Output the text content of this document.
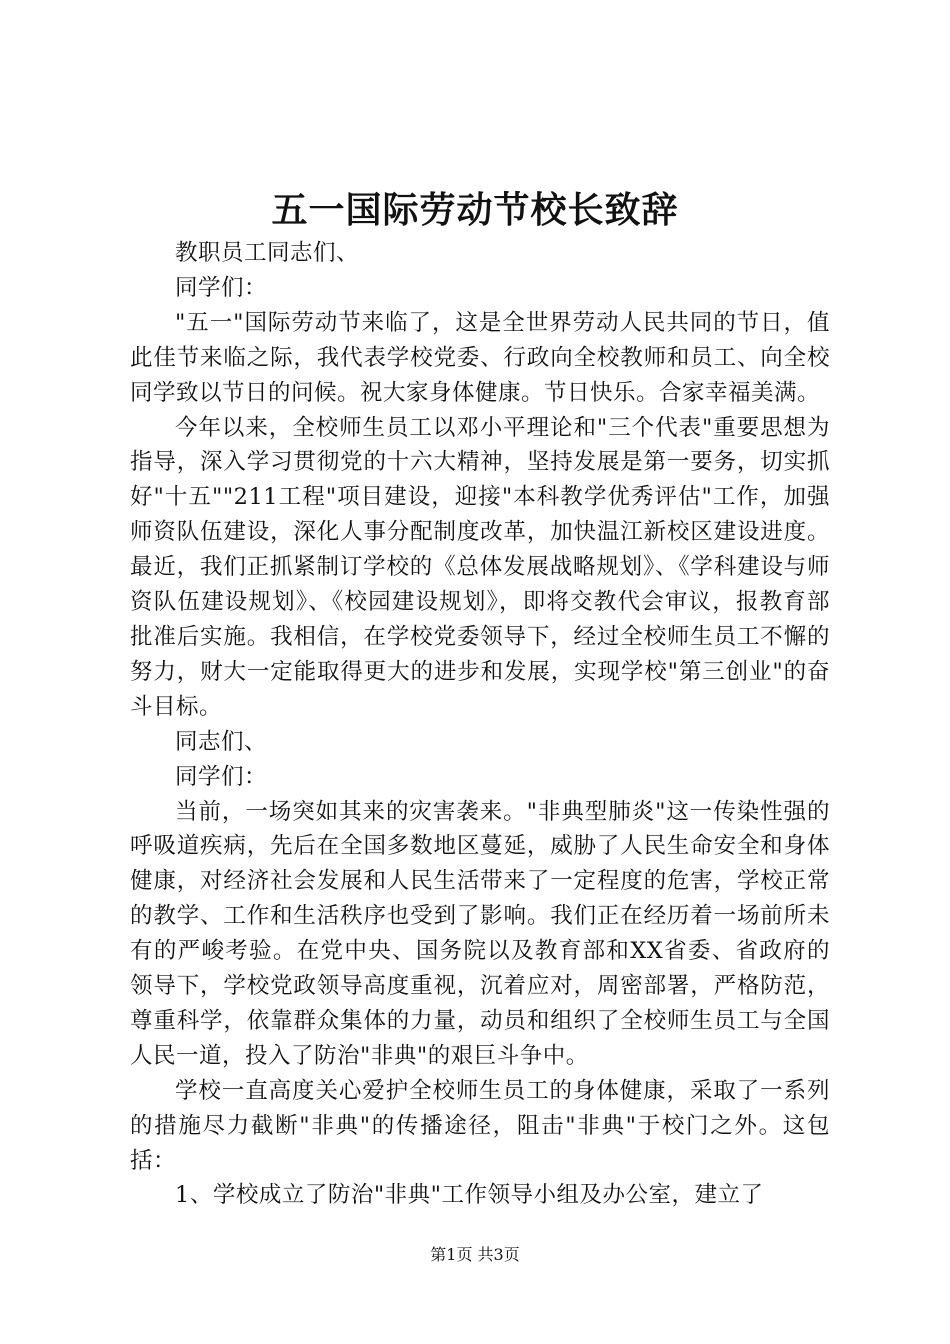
五一国际劳动节校长致辞

教职员工同志们、

同学们：

"五一"国际劳动节来临了，这是全世界劳动人民共同的节日，值此佳节来临之际，我代表学校党委、行政向全校教师和员工、向全校同学致以节日的问候。祝大家身体健康。节日快乐。合家幸福美满。

今年以来，全校师生员工以邓小平理论和"三个代表"重要思想为指导，深入学习贯彻党的十六大精神，坚持发展是第一要务，切实抓好"十五""211工程"项目建设，迎接"本科教学优秀评估"工作，加强师资队伍建设，深化人事分配制度改革，加快温江新校区建设进度。最近，我们正抓紧制订学校的《总体发展战略规划》、《学科建设与师资队伍建设规划》、《校园建设规划》，即将交教代会审议，报教育部批准后实施。我相信，在学校党委领导下，经过全校师生员工不懈的努力，财大一定能取得更大的进步和发展，实现学校"第三创业"的奋斗目标。

同志们、

同学们：

当前，一场突如其来的灾害袭来。"非典型肺炎"这一传染性强的呼吸道疾病，先后在全国多数地区蔓延，威胁了人民生命安全和身体健康，对经济社会发展和人民生活带来了一定程度的危害，学校正常的教学、工作和生活秩序也受到了影响。我们正在经历着一场前所未有的严峻考验。在党中央、国务院以及教育部和XX省委、省政府的领导下，学校党政领导高度重视，沉着应对，周密部署，严格防范，尊重科学，依靠群众集体的力量，动员和组织了全校师生员工与全国人民一道，投入了防治"非典"的艰巨斗争中。

学校一直高度关心爱护全校师生员工的身体健康，采取了一系列的措施尽力截断"非典"的传播途径，阻击"非典"于校门之外。这包括：

1、学校成立了防治"非典"工作领导小组及办公室，建立了

第1页 共3页
